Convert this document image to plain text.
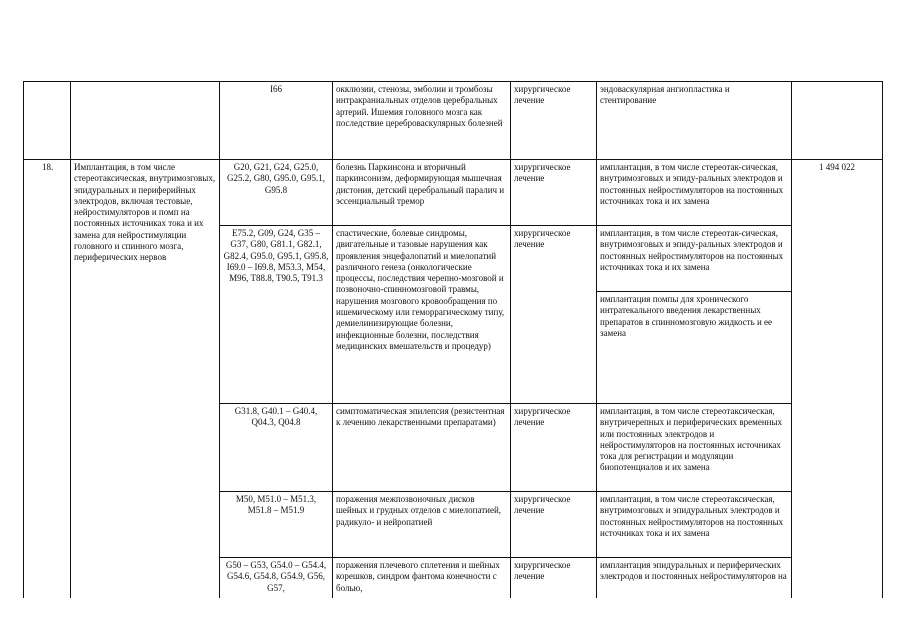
		I66	окклюзии, стенозы, эмболии и тромбозы интракраниальных отделов церебральных артерий. Ишемия головного мозга как последствие цереброваскулярных болезней	хирургическое лечение	эндоваскулярная ангиопластика и стентирование	
18.	Имплантация, в том числе стереотаксическая, внутримозговых, эпидуральных и периферийных электродов, включая тестовые, нейростимуляторов и помп на постоянных источниках тока и их замена для нейростимуляции головного и спинного мозга, периферических нервов	G20, G21, G24, G25.0, G25.2, G80, G95.0, G95.1, G95.8	болезнь Паркинсона и вторичный паркинсонизм, деформирующая мышечная дистония, детский церебральный паралич и эссенциальный тремор	хирургическое лечение	имплантация, в том числе стереотак-сическая, внутримозговых и эпиду-ральных электродов и постоянных нейростимуляторов на постоянных источниках тока и их замена	1 494 022
		E75.2, G09, G24, G35 – G37, G80, G81.1, G82.1, G82.4, G95.0, G95.1, G95.8, I69.0 – I69.8, M53.3, M54, M96, T88.8, T90.5, T91.3	спастические, болевые синдромы, двигательные и тазовые нарушения как проявления энцефалопатий и миелопатий различного генеза (онкологические процессы, последствия черепно-мозговой и позвоночно-спинномозговой травмы, нарушения мозгового кровообращения по ишемическому или геморрагическому типу, демиелинизирующие болезни, инфекционные болезни, последствия медицинских вмешательств и процедур)	хирургическое лечение	имплантация, в том числе стереотак-сическая, внутримозговых и эпиду-ральных электродов и постоянных нейростимуляторов на постоянных источниках тока и их замена	
					имплантация помпы для хронического интратекального введения лекарственных препаратов в спинномозговую жидкость и ее замена	
		G31.8, G40.1 – G40.4, Q04.3, Q04.8	симптоматическая эпилепсия (резистентная к лечению лекарственными препаратами)	хирургическое лечение	имплантация, в том числе стереотаксическая, внутричерепных и периферических временных или постоянных электродов и нейростимуляторов на постоянных источниках тока для регистрации и модуляции биопотенциалов и их замена	
		M50, M51.0 – M51.3, M51.8 – M51.9	поражения межпозвоночных дисков шейных и грудных отделов с миелопатией, радикуло- и нейропатией	хирургическое лечение	имплантация, в том числе стереотаксическая, внутримозговых и эпидуральных электродов и постоянных нейростимуляторов на постоянных источниках тока и их замена	
		G50 – G53, G54.0 – G54.4, G54.6, G54.8, G54.9, G56, G57,	поражения плечевого сплетения и шейных корешков, синдром фантома конечности с болью,	хирургическое лечение	имплантация эпидуральных и периферических электродов и постоянных нейростимуляторов на	
